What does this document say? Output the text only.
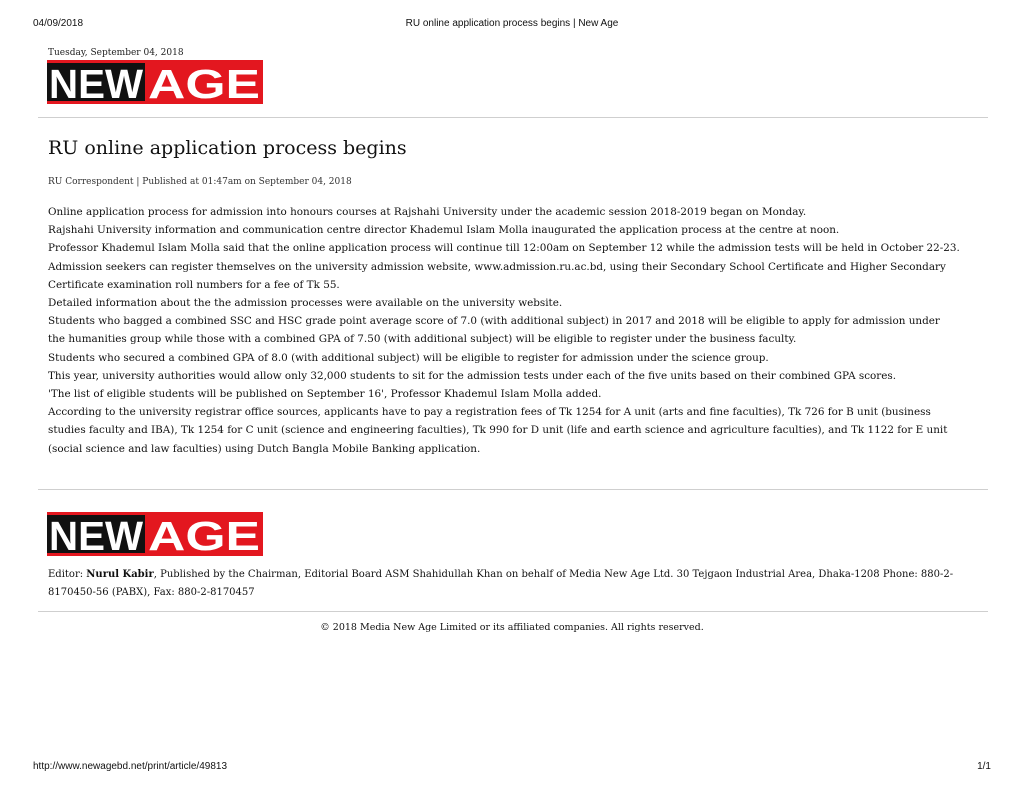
04/09/2018	RU online application process begins | New Age
Tuesday, September 04, 2018
NEW AGE
RU online application process begins
RU Correspondent | Published at 01:47am on September 04, 2018

Online application process for admission into honours courses at Rajshahi University under the academic session 2018-2019 began on Monday.

Rajshahi University information and communication centre director Khademul Islam Molla inaugurated the application process at the centre at noon.

Professor Khademul Islam Molla said that the online application process will continue till 12:00am on September 12 while the admission tests will be held in October 22-23.

Admission seekers can register themselves on the university admission website, www.admission.ru.ac.bd, using their Secondary School Certificate and Higher Secondary Certificate examination roll numbers for a fee of Tk 55.

Detailed information about the the admission processes were available on the university website.

Students who bagged a combined SSC and HSC grade point average score of 7.0 (with additional subject) in 2017 and 2018 will be eligible to apply for admission under the humanities group while those with a combined GPA of 7.50 (with additional subject) will be eligible to register under the business faculty.

Students who secured a combined GPA of 8.0 (with additional subject) will be eligible to register for admission under the science group.

This year, university authorities would allow only 32,000 students to sit for the admission tests under each of the five units based on their combined GPA scores.

'The list of eligible students will be published on September 16', Professor Khademul Islam Molla added.

According to the university registrar office sources, applicants have to pay a registration fees of Tk 1254 for A unit (arts and fine faculties), Tk 726 for B unit (business studies faculty and IBA), Tk 1254 for C unit (science and engineering faculties), Tk 990 for D unit (life and earth science and agriculture faculties), and Tk 1122 for E unit (social science and law faculties) using Dutch Bangla Mobile Banking application.

NEW AGE
Editor: Nurul Kabir, Published by the Chairman, Editorial Board ASM Shahidullah Khan on behalf of Media New Age Ltd. 30 Tejgaon Industrial Area, Dhaka-1208 Phone: 880-2-8170450-56 (PABX), Fax: 880-2-8170457
© 2018 Media New Age Limited or its affiliated companies. All rights reserved.
http://www.newagebd.net/print/article/49813	1/1
